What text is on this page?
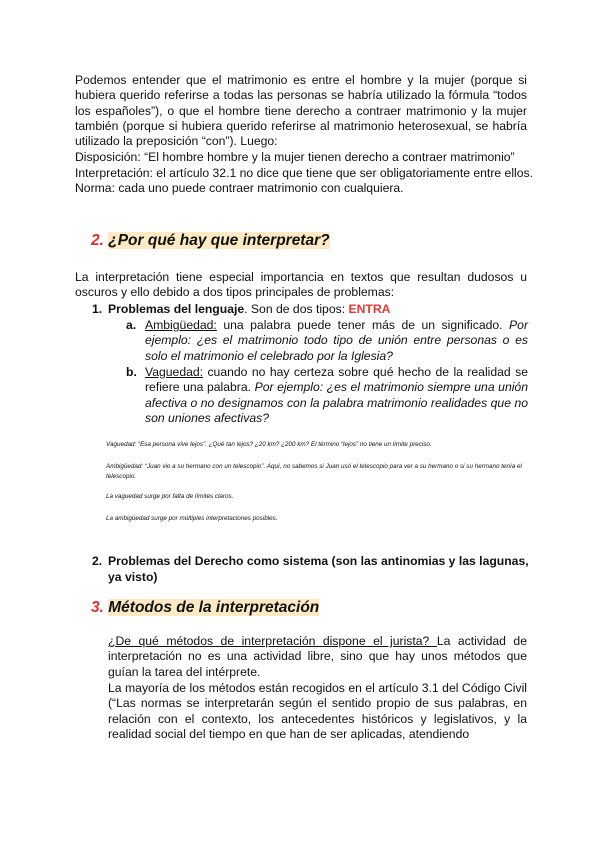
Podemos entender que el matrimonio es entre el hombre y la mujer (porque si hubiera querido referirse a todas las personas se habría utilizado la fórmula “todos los españoles”), o que el hombre tiene derecho a contraer matrimonio y la mujer también (porque si hubiera querido referirse al matrimonio heterosexual, se habría utilizado la preposición “con”). Luego:

Disposición: “El hombre hombre y la mujer tienen derecho a contraer matrimonio”

Interpretación: el artículo 32.1 no dice que tiene que ser obligatoriamente entre ellos.

Norma: cada uno puede contraer matrimonio con cualquiera.

2. ¿Por qué hay que interpretar?

La interpretación tiene especial importancia en textos que resultan dudosos u oscuros y ello debido a dos tipos principales de problemas:

1. Problemas del lenguaje. Son de dos tipos: ENTRA

a. Ambigüedad: una palabra puede tener más de un significado. Por ejemplo: ¿es el matrimonio todo tipo de unión entre personas o es solo el matrimonio el celebrado por la Iglesia?
b. Vaguedad: cuando no hay certeza sobre qué hecho de la realidad se refiere una palabra. Por ejemplo: ¿es el matrimonio siempre una unión afectiva o no designamos con la palabra matrimonio realidades que no son uniones afectivas?

Vaguedad: “Esa persona vive lejos”. ¿Qué tan lejos? ¿20 km? ¿200 km? El término “lejos” no tiene un límite preciso.

Ambigüedad: “Juan vio a su hermano con un telescopio”. Aquí, no sabemos si Juan usó el telescopio para ver a su hermano o si su hermano tenía el telescopio.

La vaguedad surge por falta de límites claros.

La ambigüedad surge por múltiples interpretaciones posibles.

2. Problemas del Derecho como sistema (son las antinomias y las lagunas, ya visto)
3. Métodos de la interpretación

¿De qué métodos de interpretación dispone el jurista? La actividad de interpretación no es una actividad libre, sino que hay unos métodos que guían la tarea del intérprete.

La mayoría de los métodos están recogidos en el artículo 3.1 del Código Civil (“Las normas se interpretarán según el sentido propio de sus palabras, en relación con el contexto, los antecedentes históricos y legislativos, y la realidad social del tiempo en que han de ser aplicadas, atendiendo
